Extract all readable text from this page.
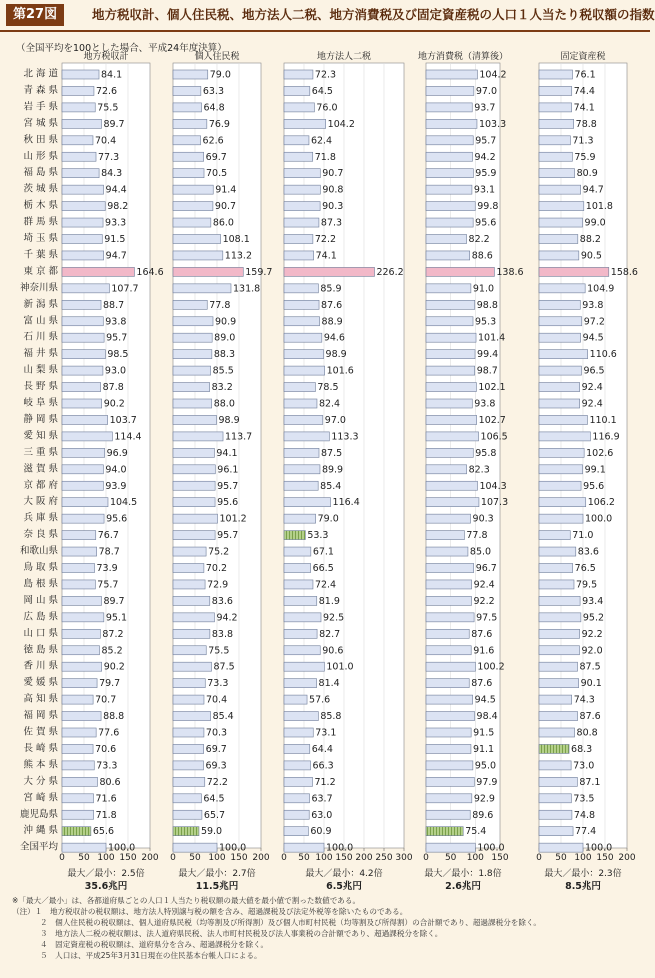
第27図	地方税収計、個人住民税、地方法人二税、地方消費税及び固定資産税の人口１人当たり税収額の指数
（全国平均を100とした場合、平成24年度決算）
北 海 道
青 森 県
岩 手 県
宮 城 県
秋 田 県
山 形 県
福 島 県
茨 城 県
栃 木 県
群 馬 県
埼 玉 県
千 葉 県
東 京 都
神奈川県
新 潟 県
富 山 県
石 川 県
福 井 県
山 梨 県
長 野 県
岐 阜 県
静 岡 県
愛 知 県
三 重 県
滋 賀 県
京 都 府
大 阪 府
兵 庫 県
奈 良 県
和歌山県
鳥 取 県
島 根 県
岡 山 県
広 島 県
山 口 県
徳 島 県
香 川 県
愛 媛 県
高 知 県
福 岡 県
佐 賀 県
長 崎 県
熊 本 県
大 分 県
宮 崎 県
鹿児島県
沖 縄 県
全国平均
0 50 100 150 200
地方税収計
84.1
72.6
75.5
89.7
70.4
77.3
84.3
94.4
98.2
93.3
91.5
94.7
164.6
107.7
88.7
93.8
95.7
98.5
93.0
87.8
90.2
103.7
114.4
96.9
94.0
93.9
104.5
95.6
76.7
78.7
73.9
75.7
89.7
95.1
87.2
85.2
90.2
79.7
70.7
88.8
77.6
70.6
73.3
80.6
71.6
71.8
65.6
100.0
最大／最小：2.5倍
35.6兆円
0 50 100 150 200
個人住民税
79.0
63.3
64.8
76.9
62.6
69.7
70.5
91.4
90.7
86.0
108.1
113.2
159.7
131.8
77.8
90.9
89.0
88.3
85.5
83.2
88.0
98.9
113.7
94.1
96.1
95.7
95.6
101.2
95.7
75.2
70.2
72.9
83.6
94.2
83.8
75.5
87.5
73.3
70.4
85.4
70.3
69.7
69.3
72.2
64.5
65.7
59.0
100.0
最大／最小：2.7倍
11.5兆円
0 50 100 150 200 250 300
地方法人二税
72.3
64.5
76.0
104.2
62.4
71.8
90.7
90.8
90.3
87.3
72.2
74.1
226.2
85.9
87.6
88.9
94.6
98.9
101.6
78.5
82.4
97.0
113.3
87.5
89.9
85.4
116.4
79.0
53.3
67.1
66.5
72.4
81.9
92.5
82.7
90.6
101.0
81.4
57.6
85.8
73.1
64.4
66.3
71.2
63.7
63.0
60.9
100.0
最大／最小：4.2倍
6.5兆円
0 50 100 150
地方消費税（清算後）
104.2
97.0
93.7
103.3
95.7
94.2
95.9
93.1
99.8
95.6
82.2
88.6
138.6
91.0
98.8
95.3
101.4
99.4
98.7
102.1
93.8
102.7
106.5
95.8
82.3
104.3
107.3
90.3
77.8
85.0
96.7
92.4
92.2
97.5
87.6
91.6
100.2
87.6
94.5
98.4
91.5
91.1
95.0
97.9
92.9
89.6
75.4
100.0
最大／最小：1.8倍
2.6兆円
0 50 100 150 200
固定資産税
76.1
74.4
74.1
78.8
71.3
75.9
80.9
94.7
101.8
99.0
88.2
90.5
158.6
104.9
93.8
97.2
94.5
110.6
96.5
92.4
92.4
110.1
116.9
102.6
99.1
95.6
106.2
100.0
71.0
83.6
76.5
79.5
93.4
95.2
92.2
92.0
87.5
90.1
74.3
87.6
80.8
68.3
73.0
87.1
73.5
74.8
77.4
100.0
最大／最小：2.3倍
8.5兆円
※「最大／最小」は、各都道府県ごとの人口１人当たり税収額の最大値を最小値で割った数値である。
（注）１　地方税収計の税収額は、地方法人特別譲与税の額を含み、超過課税及び法定外税等を除いたものである。
２　個人住民税の税収額は、個人道府県民税（均等割及び所得割）及び個人市町村民税（均等割及び所得割）の合計額であり、超過課税分を除く。
３　地方法人二税の税収額は、法人道府県民税、法人市町村民税及び法人事業税の合計額であり、超過課税分を除く。
４　固定資産税の税収額は、道府県分を含み、超過課税分を除く。
５　人口は、平成25年3月31日現在の住民基本台帳人口による。
